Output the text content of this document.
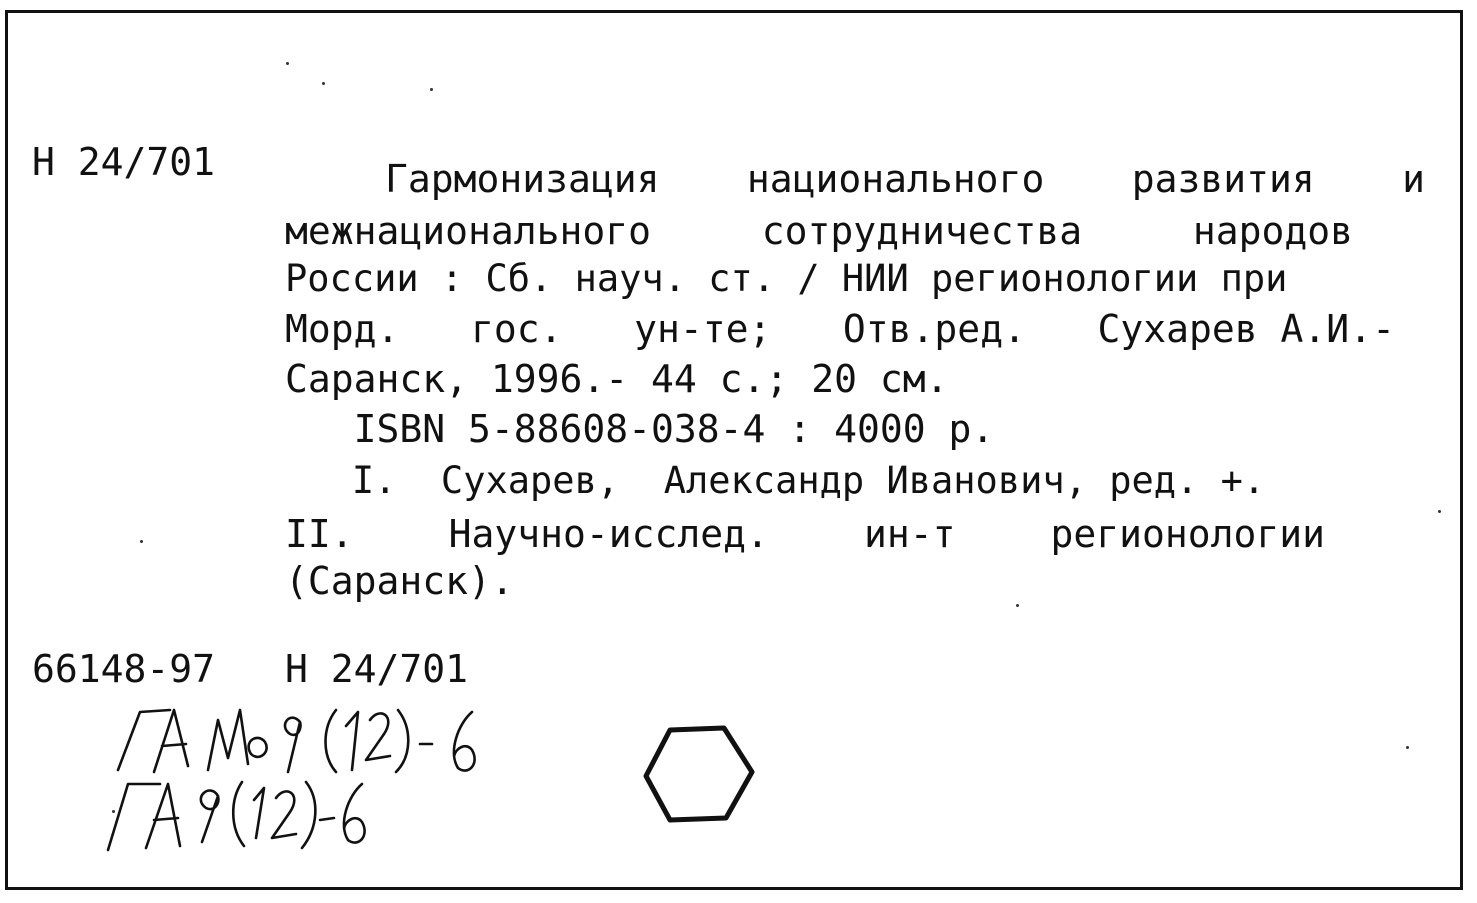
Н 24/701	Гармонизация национального развития и
межнационального	сотрудничества	народов
России : Сб. науч. ст. / НИИ регионологии при
Морд. гос. ун-те; Отв.ред. Сухарев А.И.-
Саранск, 1996.- 44 с.; 20 см.
ISBN 5-88608-038-4 : 4000 р.
I.  Сухарев,  Александр Иванович, ред. +.
II.	Научно-исслед.	ин-т	регионологии
(Саранск).
66148-97 Н 24/701
